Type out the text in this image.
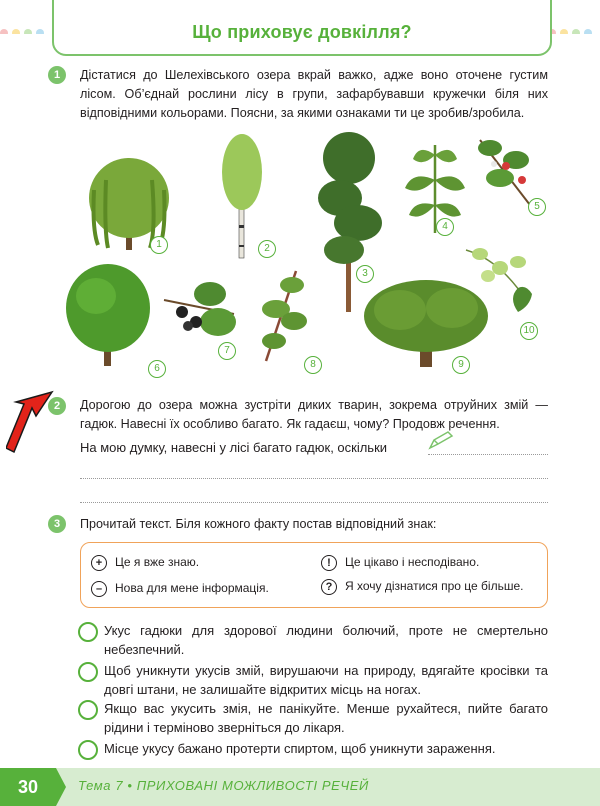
Що приховує довкілля?
1	Дістатися до Шелехівського озера вкрай важко, адже воно оточене густим лісом. Об’єднай рослини лісу в групи, зафарбувавши кружечки біля них відповідними кольорами. Поясни, за якими ознаками ти це зробив/зробила.
1	2
3
4
5
6
7
8	9
10
2	Дорогою до озера можна зустріти диких тварин, зокрема отруйних змій — гадюк. Навесні їх особливо багато. Як гадаєш, чому? Продовж речення.
На мою думку, навесні у лісі багато гадюк, оскільки
3	Прочитай текст. Біля кожного факту постав відповідний знак:
+	Це я вже знаю.	!	Це цікаво і несподівано.
–	Нова для мене інформація.	?	Я хочу дізнатися про це більше.
Укус гадюки для здорової людини болючий, проте не смертельно небезпечний.
Щоб уникнути укусів змій, вирушаючи на природу, вдягайте кросівки та довгі штани, не залишайте відкритих місць на ногах.
Якщо вас укусить змія, не панікуйте. Менше рухайтеся, пийте багато рідини і терміново зверніться до лікаря.
Місце укусу бажано протерти спиртом, щоб уникнути зараження.
30	Тема 7 • ПРИХОВАНІ МОЖЛИВОСТІ РЕЧЕЙ
